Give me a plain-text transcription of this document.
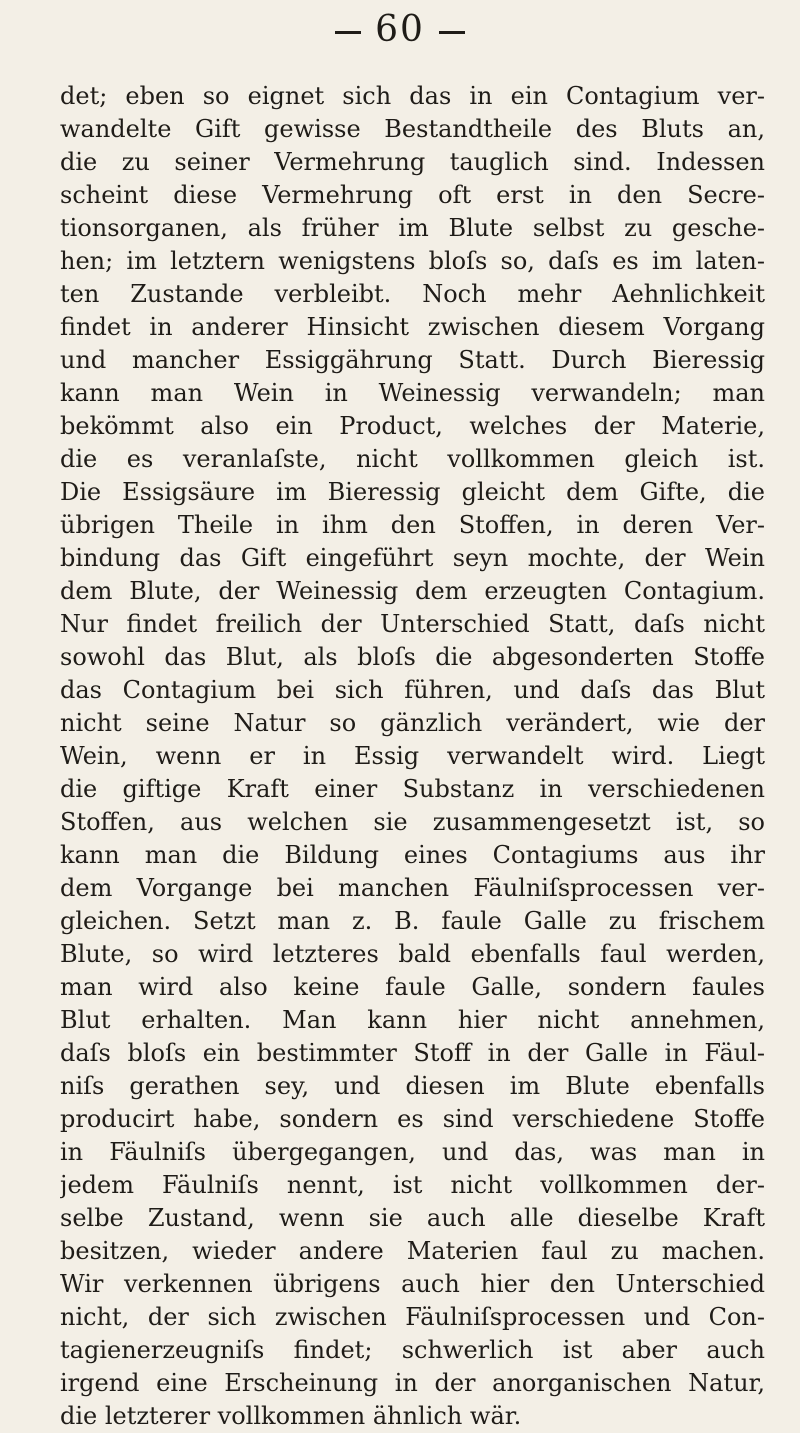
60
det; eben so eignet sich das in ein Contagium ver-
wandelte Gift gewisse Bestandtheile des Bluts an,
die zu seiner Vermehrung tauglich sind. Indessen
scheint diese Vermehrung oft erst in den Secre-
tionsorganen, als früher im Blute selbst zu gesche-
hen; im letztern wenigstens bloſs so, daſs es im laten-
ten Zustande verbleibt. Noch mehr Aehnlichkeit
findet in anderer Hinsicht zwischen diesem Vorgang
und mancher Essiggährung Statt. Durch Bieressig
kann man Wein in Weinessig verwandeln; man
bekömmt also ein Product, welches der Materie,
die es veranlaſste, nicht vollkommen gleich ist.
Die Essigsäure im Bieressig gleicht dem Gifte, die
übrigen Theile in ihm den Stoffen, in deren Ver-
bindung das Gift eingeführt seyn mochte, der Wein
dem Blute, der Weinessig dem erzeugten Contagium.
Nur findet freilich der Unterschied Statt, daſs nicht
sowohl das Blut, als bloſs die abgesonderten Stoffe
das Contagium bei sich führen, und daſs das Blut
nicht seine Natur so gänzlich verändert, wie der
Wein, wenn er in Essig verwandelt wird. Liegt
die giftige Kraft einer Substanz in verschiedenen
Stoffen, aus welchen sie zusammengesetzt ist, so
kann man die Bildung eines Contagiums aus ihr
dem Vorgange bei manchen Fäulniſsprocessen ver-
gleichen. Setzt man z. B. faule Galle zu frischem
Blute, so wird letzteres bald ebenfalls faul werden,
man wird also keine faule Galle, sondern faules
Blut erhalten. Man kann hier nicht annehmen,
daſs bloſs ein bestimmter Stoff in der Galle in Fäul-
niſs gerathen sey, und diesen im Blute ebenfalls
producirt habe, sondern es sind verschiedene Stoffe
in Fäulniſs übergegangen, und das, was man in
jedem Fäulniſs nennt, ist nicht vollkommen der-
selbe Zustand, wenn sie auch alle dieselbe Kraft
besitzen, wieder andere Materien faul zu machen.
Wir verkennen übrigens auch hier den Unterschied
nicht, der sich zwischen Fäulniſsprocessen und Con-
tagienerzeugniſs findet; schwerlich ist aber auch
irgend eine Erscheinung in der anorganischen Natur,
die letzterer vollkommen ähnlich wär.
